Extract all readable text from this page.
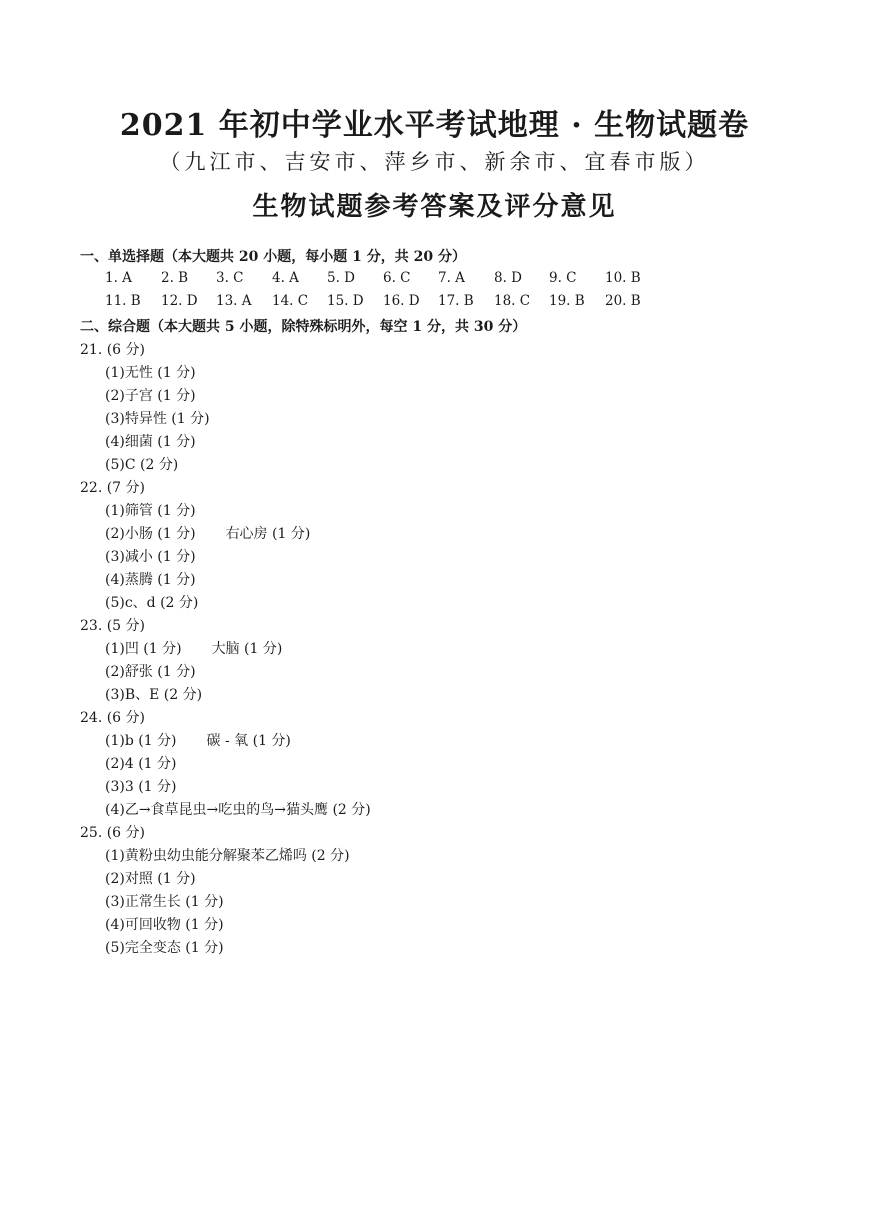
2021 年初中学业水平考试地理 · 生物试题卷
（九江市、吉安市、萍乡市、新余市、宜春市版）
生物试题参考答案及评分意见
一、单选择题（本大题共 20 小题，每小题 1 分，共 20 分）
1. A 2. B 3. C 4. A 5. D 6. C 7. A 8. D 9. C 10. B
11. B 12. D 13. A 14. C 15. D 16. D 17. B 18. C 19. B 20. B
二、综合题（本大题共 5 小题，除特殊标明外，每空 1 分，共 30 分）
21. (6 分)
(1)无性 (1 分)
(2)子宫 (1 分)
(3)特异性 (1 分)
(4)细菌 (1 分)
(5)C (2 分)
22. (7 分)
(1)筛管 (1 分)
(2)小肠 (1 分) 右心房 (1 分)
(3)减小 (1 分)
(4)蒸腾 (1 分)
(5)c、d (2 分)
23. (5 分)
(1)凹 (1 分) 大脑 (1 分)
(2)舒张 (1 分)
(3)B、E (2 分)
24. (6 分)
(1)b (1 分) 碳 - 氧 (1 分)
(2)4 (1 分)
(3)3 (1 分)
(4)乙→食草昆虫→吃虫的鸟→猫头鹰 (2 分)
25. (6 分)
(1)黄粉虫幼虫能分解聚苯乙烯吗 (2 分)
(2)对照 (1 分)
(3)正常生长 (1 分)
(4)可回收物 (1 分)
(5)完全变态 (1 分)
